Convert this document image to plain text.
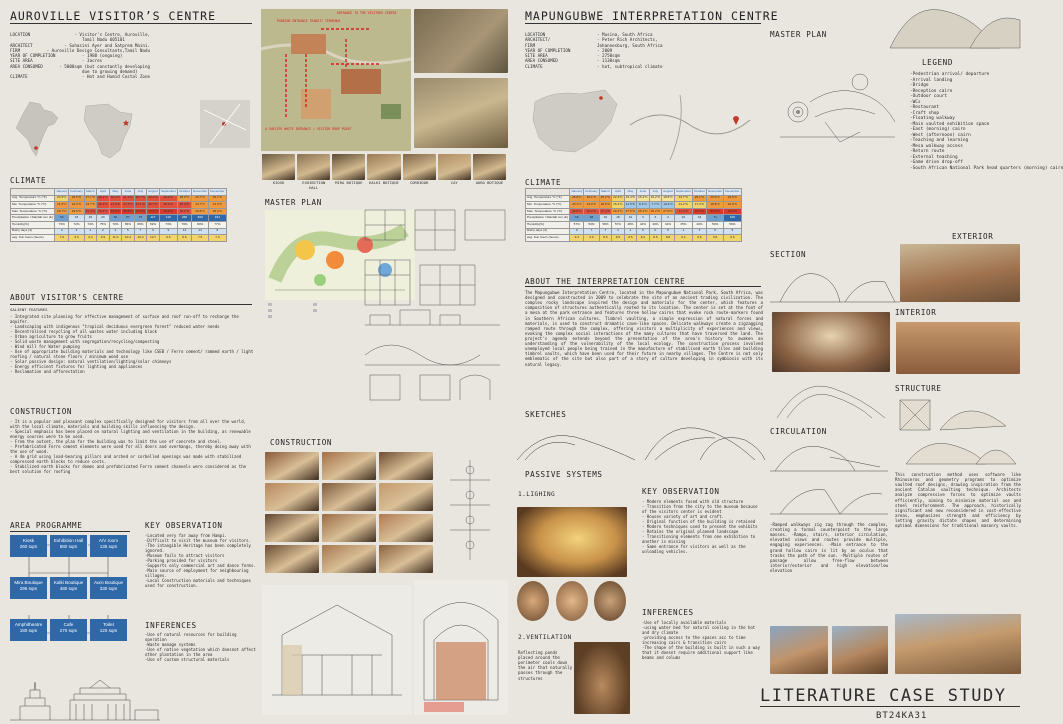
AUROVILLE VISITOR’S CENTRE
LOCATION	- Visitor's Centre, Auroville,
Tamil Nadu 605101
ARCHITECT	- Suhasini Ayer and Satprem Maini.
FIRM	- Auroville Design Consultants,Tamil Nadu
YEAR OF COMPLETION	- 1988 (ongoing)
SITE AREA	- 3acres
AREA CONSUMED	- 5000sqm (but constantly developing
due to growing demand)
CLIMATE	- Hot and Humid Costal Zone
CLIMATE
	January	February	March	April	May	June	July	August	September	October	November	December
Avg. Temperature °C (°F)	24.9°C	25.6°C	27.1°C	29.1°C	30.6°C	31.1°C	30.7°C	30.4°C	29.9°C	28.5°C	26.7°C	25.1°C
Min. Temperature °C (°F)	21.6°C	22.3°C	23.7°C	26.1°C	27.6°C	27.7°C	27.1°C	26.7°C	26.3°C	25.3°C	23.7°C	22.3°C
Max. Temperature °C (°F)	28.7°C	29.6°C	31.3°C	32.8°C	34.6°C	35.4°C	34.8°C	34.3°C	33.8°C	32.1°C	29.8°C	28.3°C
Precipitation / Rainfall mm (in)	53	15	15	23	52	57	76	117	116	266	300	161
Humidity(%)	76%	72%	74%	75%	70%	65%	66%	69%	73%	79%	80%	77%
Rainy days (d)	4	2	1	2	4	5	7	9	9	13	14	8
avg. Sun hours (hours)	7.9	9.3	9.4	9.9	11.0	10.4	10.0	10.7	9.5	8.6	7.5	7.3
ABOUT VISITOR’S CENTRE
SALIENT FEATURES
- Integrated site planning for effective management of surface and roof run-off to recharge the aquifer.
- Landscaping with indigenous "tropical deciduous evergreen forest" reduced water needs
- Decentralised recycling of all wastes water including black
- Urban agriculture to grow fruits
- Solid waste management with segregation/recycling/composting
- Wind mill for Water pumping
- Use of appropriate building materials and technology like CSEB / Ferro cement/ rammed earth / light roofing / natural stone floors / minimum wood use
- Solar passive design: natural ventilation/lighting/solar chimneys
- Energy efficient fixtures for lighting and appliances
- Reclamation and afforestation
CONSTRUCTION
- It is a popular and pleasant complex specifically designed for visitors from all over the world, with the local climate, materials and building skills influencing the design.
- Special emphasis has been placed on natural lighting and ventilation in the building, as renewable energy sources were to be used.
- From the outset, the plan for the building was to limit the use of concrete and steel.
- Prefabricated Ferro cement elements were used for all doors and overhangs, thereby doing away with the use of wood.
- A 4m grid using load-bearing pillars and arched or corbelled openings was made with stabilized compressed earth blocks to reduce costs.
- Stabilized earth blocks for domes and prefabricated Ferro cement channels were considered as the best solution for roofing
AREA PROGRAMME
Kiosk
260 sqm
Exhibition Hall
680 sqm
A/V room
135 sqm
Mira Boutique
295 sqm
Kalki Boutique
480 sqm
Auro Boutique
330 sqm
Amphitheatre
180 sqm
Cafe
270 sqm
Toilet
120 sqm
KEY OBSERVATION
-Located very far away from Hampi.
-Difficult to visit the museum for visitors.
-The intangible Heritage has been completely ignored.
-Museum fails to attract visitors
-Parking provided for visitors
-Supports only commercial art and dance forms.
-Main source of employment for neighbouring villages.
-Local Construction materials and techniques used for construction.
INFERENCES
-Use of natural resources for building operation
-Waste manage systems
-Use of native vegetation which doesnot affect other plantation in the area
-Use of custom structural materials
PARKING ENTRANCE TRANSIT TERMINUS
A SHELTER WHITE ENTRANCE / VISITOR DROP POINT
ENTRANCE TO THE VISITORS CENTRE
KIOSK	EXHIBITION HALL
MIRA BOTIQUE	KALKI BOTIQUE	CORRIDOR	CAY	AURO BOTIQUE
MASTER PLAN
CONSTRUCTION
MAPUNGUBWE INTERPRETATION CENTRE
LOCATION	- Musina, South Africa
ARCHITECT/	- Peter Rich Architects,
FIRM	Johannesburg, South Africa
YEAR OF COMPLETION	- 2009
SITE AREA	- 2750sqm
AREA CONSUMED	- 1130sqm
CLIMATE	- hot, subtropical climate
CLIMATE
	January	February	March	April	May	June	July	August	September	October	November	December
Avg. Temperature °C (°F)	26.6°C	26.1°C	25.2°C	22.2°C	19.4°C	16.4°C	16.2°C	18.8°C	22.7°C	25.1°C	25.9°C	26.6°C
Min. Temperature °C (°F)	20.1°C	19.9°C	18.9°C	15.4°C	11.5°C	8.1°C	7.7°C	10.2°C	14.2°C	17.3°C	18.9°C	20.0°C
Max. Temperature °C (°F)	32.8°C	32.2°C	31.4°C	29.3°C	27.5°C	25.1°C	25.2°C	27.9°C	31.4°C	33.0°C	33.1°C	33.0°C
Precipitation / Rainfall mm (in)	69	58	34	18	12	3	3	2	10	34	71	105
Humidity(%)	57%	59%	58%	57%	48%	43%	40%	34%	35%	40%	50%	56%
Rainy days (d)	9	7	7	4	1	0	0	0	1	3	6	9
avg. Sun hours (hours)	9.4	9.0	8.6	8.5	8.5	8.4	8.6	8.8	9.4	9.6	9.8	9.6
ABOUT THE INTERPRETATION CENTRE
The Mapungubwe Interpretation Centre, located in the Mapungubwe National Park, South Africa, was designed and constructed in 2009 to celebrate the site of an ancient trading civilization. The complex rocky landscape inspired the design and materials for the center, which features a composition of structures authentically rooted to its location. The center is set at the foot of a mesa at the park entrance and features three hollow cairns that evoke rock route-markers found in Southern African cultures. Timbrel vaulting, a simple expression of natural forces and materials, is used to construct dramatic cave-like spaces. Delicate walkways create a zigzagging ramped route through the complex, offering visitors a multiplicity of experiences and views, evoking the complex social interactions of the many cultures that have traversed the land. The project's agenda extends beyond the presentation of the area's history to awaken an understanding of the vulnerability of the local ecology. The construction process involved unemployed local people being trained in the manufacture of stabilised earth tiles and building timbrel vaults, which have been used for their future in nearby villages. The Centre is not only emblematic of the site but also part of a story of culture developing in symbiosis with its natural legacy.
SKETCHES
PASSIVE SYSTEMS
1.LIGHING
2.VENTILATION
Reflecting ponds placed around the perimeter cools down the air that naturally passes through the structures
KEY OBSERVATION
- Modern elements fused with old structure
- Transition from the city to the museum because of the visitors center is evident
- Houses variety of art and craft.
- Original function of the building is retained
- Modern techniques used to present the exhibits
- Retains the original planned landscape
- Transitioning elements from one exhibition to another is missing
- Same entrance for visitors as well as the unloading vehicles.
INFERENCES
-Use of locally available materials
-using water bed for natural cooling in the hot and dry climate
-providing access to the spaces acc to time increasing cairs & transition cairs
-The shape of the building is built in such a way that it doesnt require additional support like beams and colums
MASTER PLAN
LEGEND
-Pedestrian arrival/ departure
-Arrival landing
-Bridge
-Reception cairn
-Outdoor court
-WCs
-Restaurant
-Craft shop
-Floating walkway
-Main vaulted exhibition space
-East (morning) cairn
-West (afternoon) cairn
-Teaching and learning
-Mesa walkway access
-Return route
-External teaching
-Game drive drop-off
-South African National Park head quarters (morning) cairn
EXTERIOR
SECTION
INTERIOR
STRUCTURE
CIRCULATION
-Ramped walkways zig zag through the complex, creating a formal counterpoint to the large masses. -Ramps, stairs, interior circulation, elevated views and routes provide multiple, engaging experiences. -Main entrance to the grand hollow cairn is lit by an oculus that tracks the path of the sun. -Multiple routes of passage allow free-flow between interior/exterior and high elevation/low elevation
This construction method uses software like Rhinoceros and geometry programs to optimize vaulted roof designs, drawing inspiration from the ancient Catalan vaulting technique. Architects analyze compressive forces to optimize vaults efficiently, aiming to minimize material use and steel reinforcement. The approach, historically significant and now reconsidered in cost-effective areas, emphasizes strength and efficiency by letting gravity dictate shapes and determining optimal dimensions for traditional masonry vaults.
LITERATURE CASE STUDY
BT24KA31
